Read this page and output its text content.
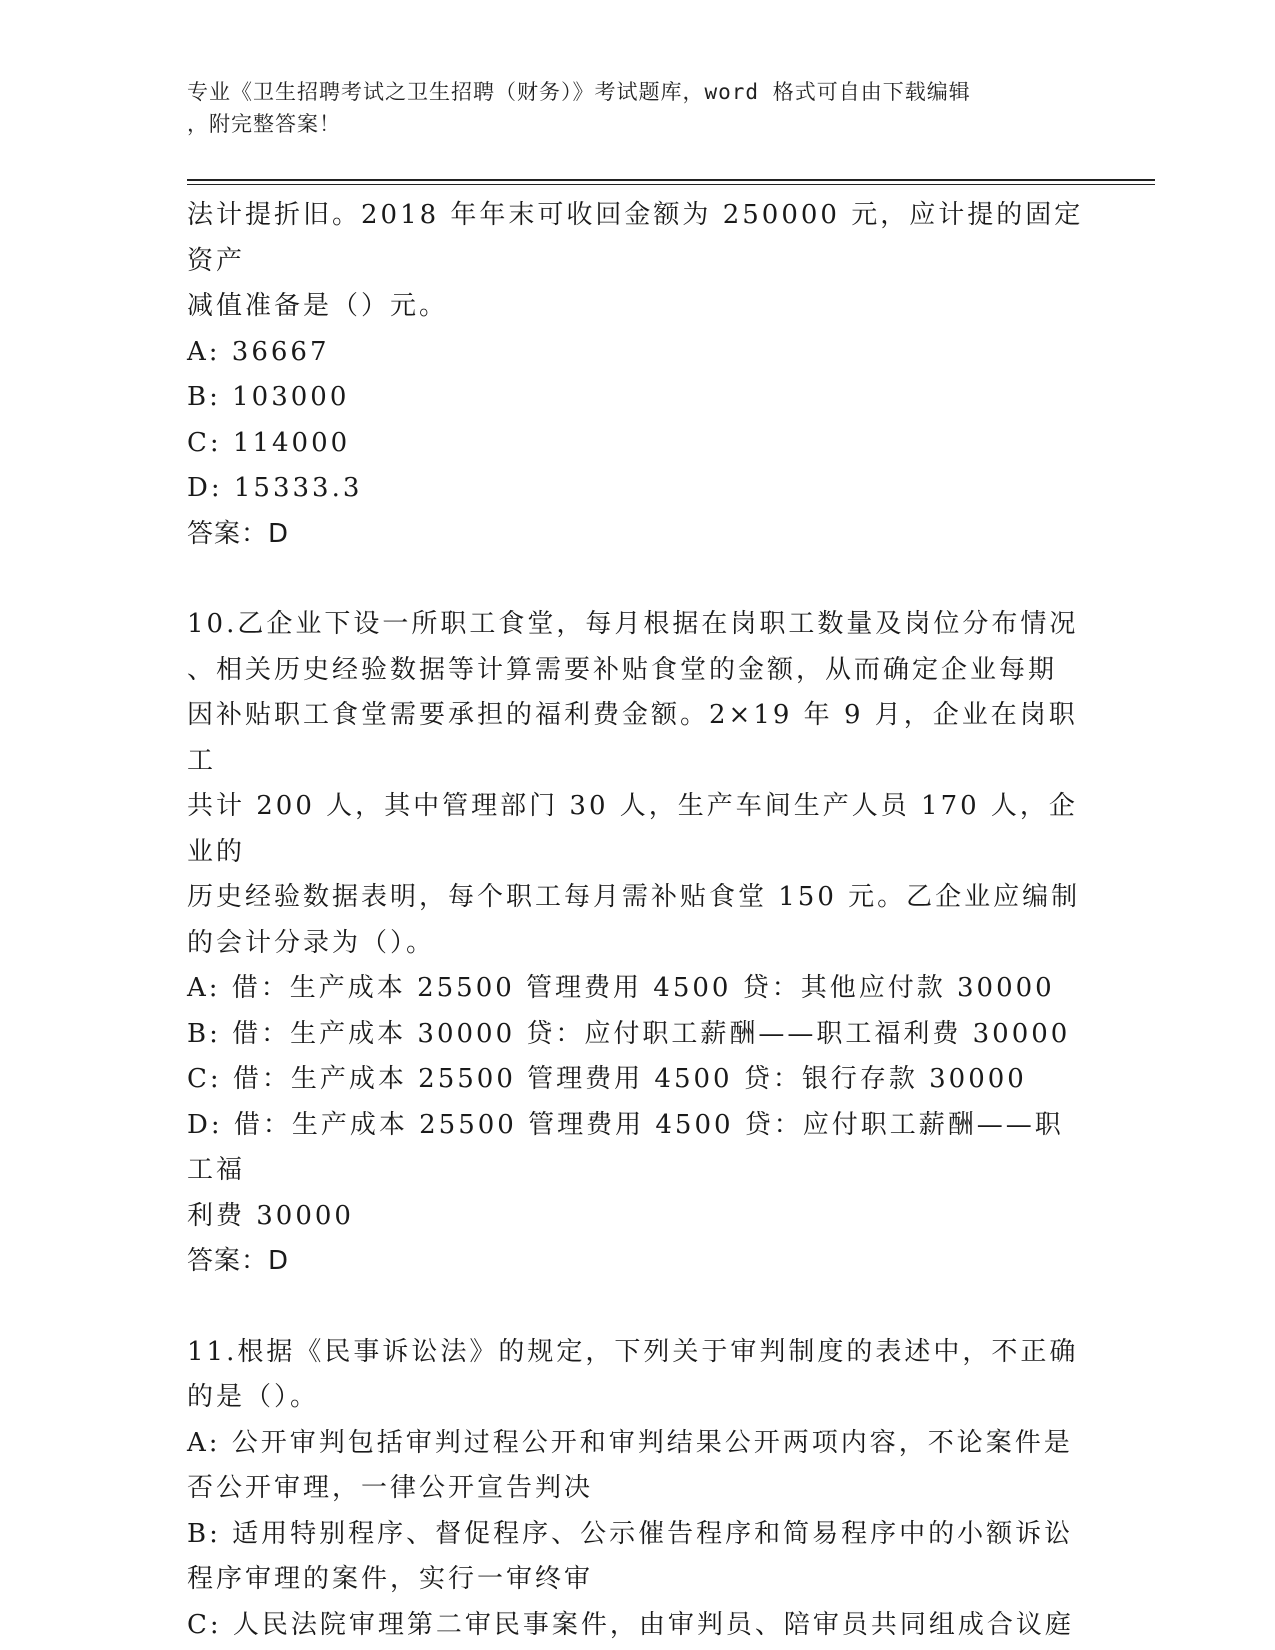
专业《卫生招聘考试之卫生招聘（财务）》考试题库，word 格式可自由下载编辑
，附完整答案！

法计提折旧。2018 年年末可收回金额为 250000 元，应计提的固定资产

减值准备是（）元。

A: 36667

B: 103000

C: 114000

D: 15333.3

答案：D

10.乙企业下设一所职工食堂，每月根据在岗职工数量及岗位分布情况

、相关历史经验数据等计算需要补贴食堂的金额，从而确定企业每期

因补贴职工食堂需要承担的福利费金额。2×19 年 9 月，企业在岗职工

共计 200 人，其中管理部门 30 人，生产车间生产人员 170 人，企业的

历史经验数据表明，每个职工每月需补贴食堂 150 元。乙企业应编制

的会计分录为（）。

A: 借：生产成本 25500 管理费用 4500 贷：其他应付款 30000

B: 借：生产成本 30000 贷：应付职工薪酬——职工福利费 30000

C: 借：生产成本 25500 管理费用 4500 贷：银行存款 30000

D: 借：生产成本 25500 管理费用 4500 贷：应付职工薪酬——职工福

利费 30000

答案：D

11.根据《民事诉讼法》的规定，下列关于审判制度的表述中，不正确

的是（）。

A: 公开审判包括审判过程公开和审判结果公开两项内容，不论案件是

否公开审理，一律公开宣告判决

B: 适用特别程序、督促程序、公示催告程序和简易程序中的小额诉讼

程序审理的案件，实行一审终审

C: 人民法院审理第二审民事案件，由审判员、陪审员共同组成合议庭
